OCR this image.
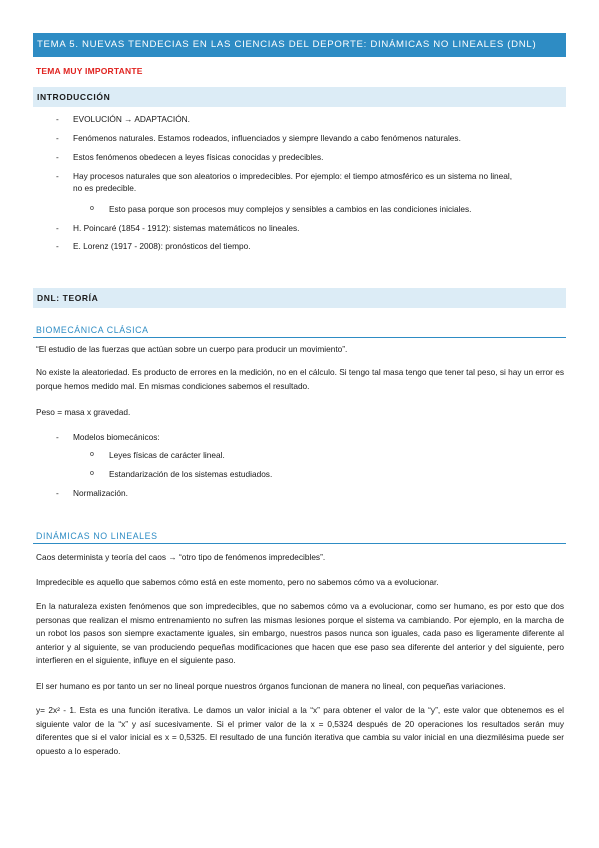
TEMA 5. NUEVAS TENDECIAS EN LAS CIENCIAS DEL DEPORTE: DINÁMICAS NO LINEALES (DNL)
TEMA MUY IMPORTANTE
INTRODUCCIÓN
- EVOLUCIÓN → ADAPTACIÓN.
- Fenómenos naturales. Estamos rodeados, influenciados y siempre llevando a cabo fenómenos naturales.
- Estos fenómenos obedecen a leyes físicas conocidas y predecibles.
- Hay procesos naturales que son aleatorios o impredecibles. Por ejemplo: el tiempo atmosférico es un sistema no lineal,
no es predecible.
o Esto pasa porque son procesos muy complejos y sensibles a cambios en las condiciones iniciales.
- H. Poincaré (1854 - 1912): sistemas matemáticos no lineales.
- E. Lorenz (1917 - 2008): pronósticos del tiempo.
DNL: TEORÍA
BIOMECÁNICA CLÁSICA
“El estudio de las fuerzas que actúan sobre un cuerpo para producir un movimiento”.
No existe la aleatoriedad. Es producto de errores en la medición, no en el cálculo. Si tengo tal masa tengo que tener tal peso, si hay un error es porque hemos medido mal. En mismas condiciones sabemos el resultado.
Peso = masa x gravedad.
- Modelos biomecánicos:
o Leyes físicas de carácter lineal.
o Estandarización de los sistemas estudiados.
- Normalización.
DINÁMICAS NO LINEALES
Caos determinista y teoría del caos → “otro tipo de fenómenos impredecibles”.
Impredecible es aquello que sabemos cómo está en este momento, pero no sabemos cómo va a evolucionar.
En la naturaleza existen fenómenos que son impredecibles, que no sabemos cómo va a evolucionar, como ser humano, es por esto que dos personas que realizan el mismo entrenamiento no sufren las mismas lesiones porque el sistema va cambiando. Por ejemplo, en la marcha de un robot los pasos son siempre exactamente iguales, sin embargo, nuestros pasos nunca son iguales, cada paso es ligeramente diferente al anterior y al siguiente, se van produciendo pequeñas modificaciones que hacen que ese paso sea diferente del anterior y del siguiente, pero interfieren en el siguiente, influye en el siguiente paso.
El ser humano es por tanto un ser no lineal porque nuestros órganos funcionan de manera no lineal, con pequeñas variaciones.
y= 2x² - 1. Esta es una función iterativa. Le damos un valor inicial a la “x” para obtener el valor de la “y”, este valor que obtenemos es el siguiente valor de la “x” y así sucesivamente. Si el primer valor de la x = 0,5324 después de 20 operaciones los resultados serán muy diferentes que si el valor inicial es x = 0,5325. El resultado de una función iterativa que cambia su valor inicial en una diezmilésima puede ser opuesto a lo esperado.
